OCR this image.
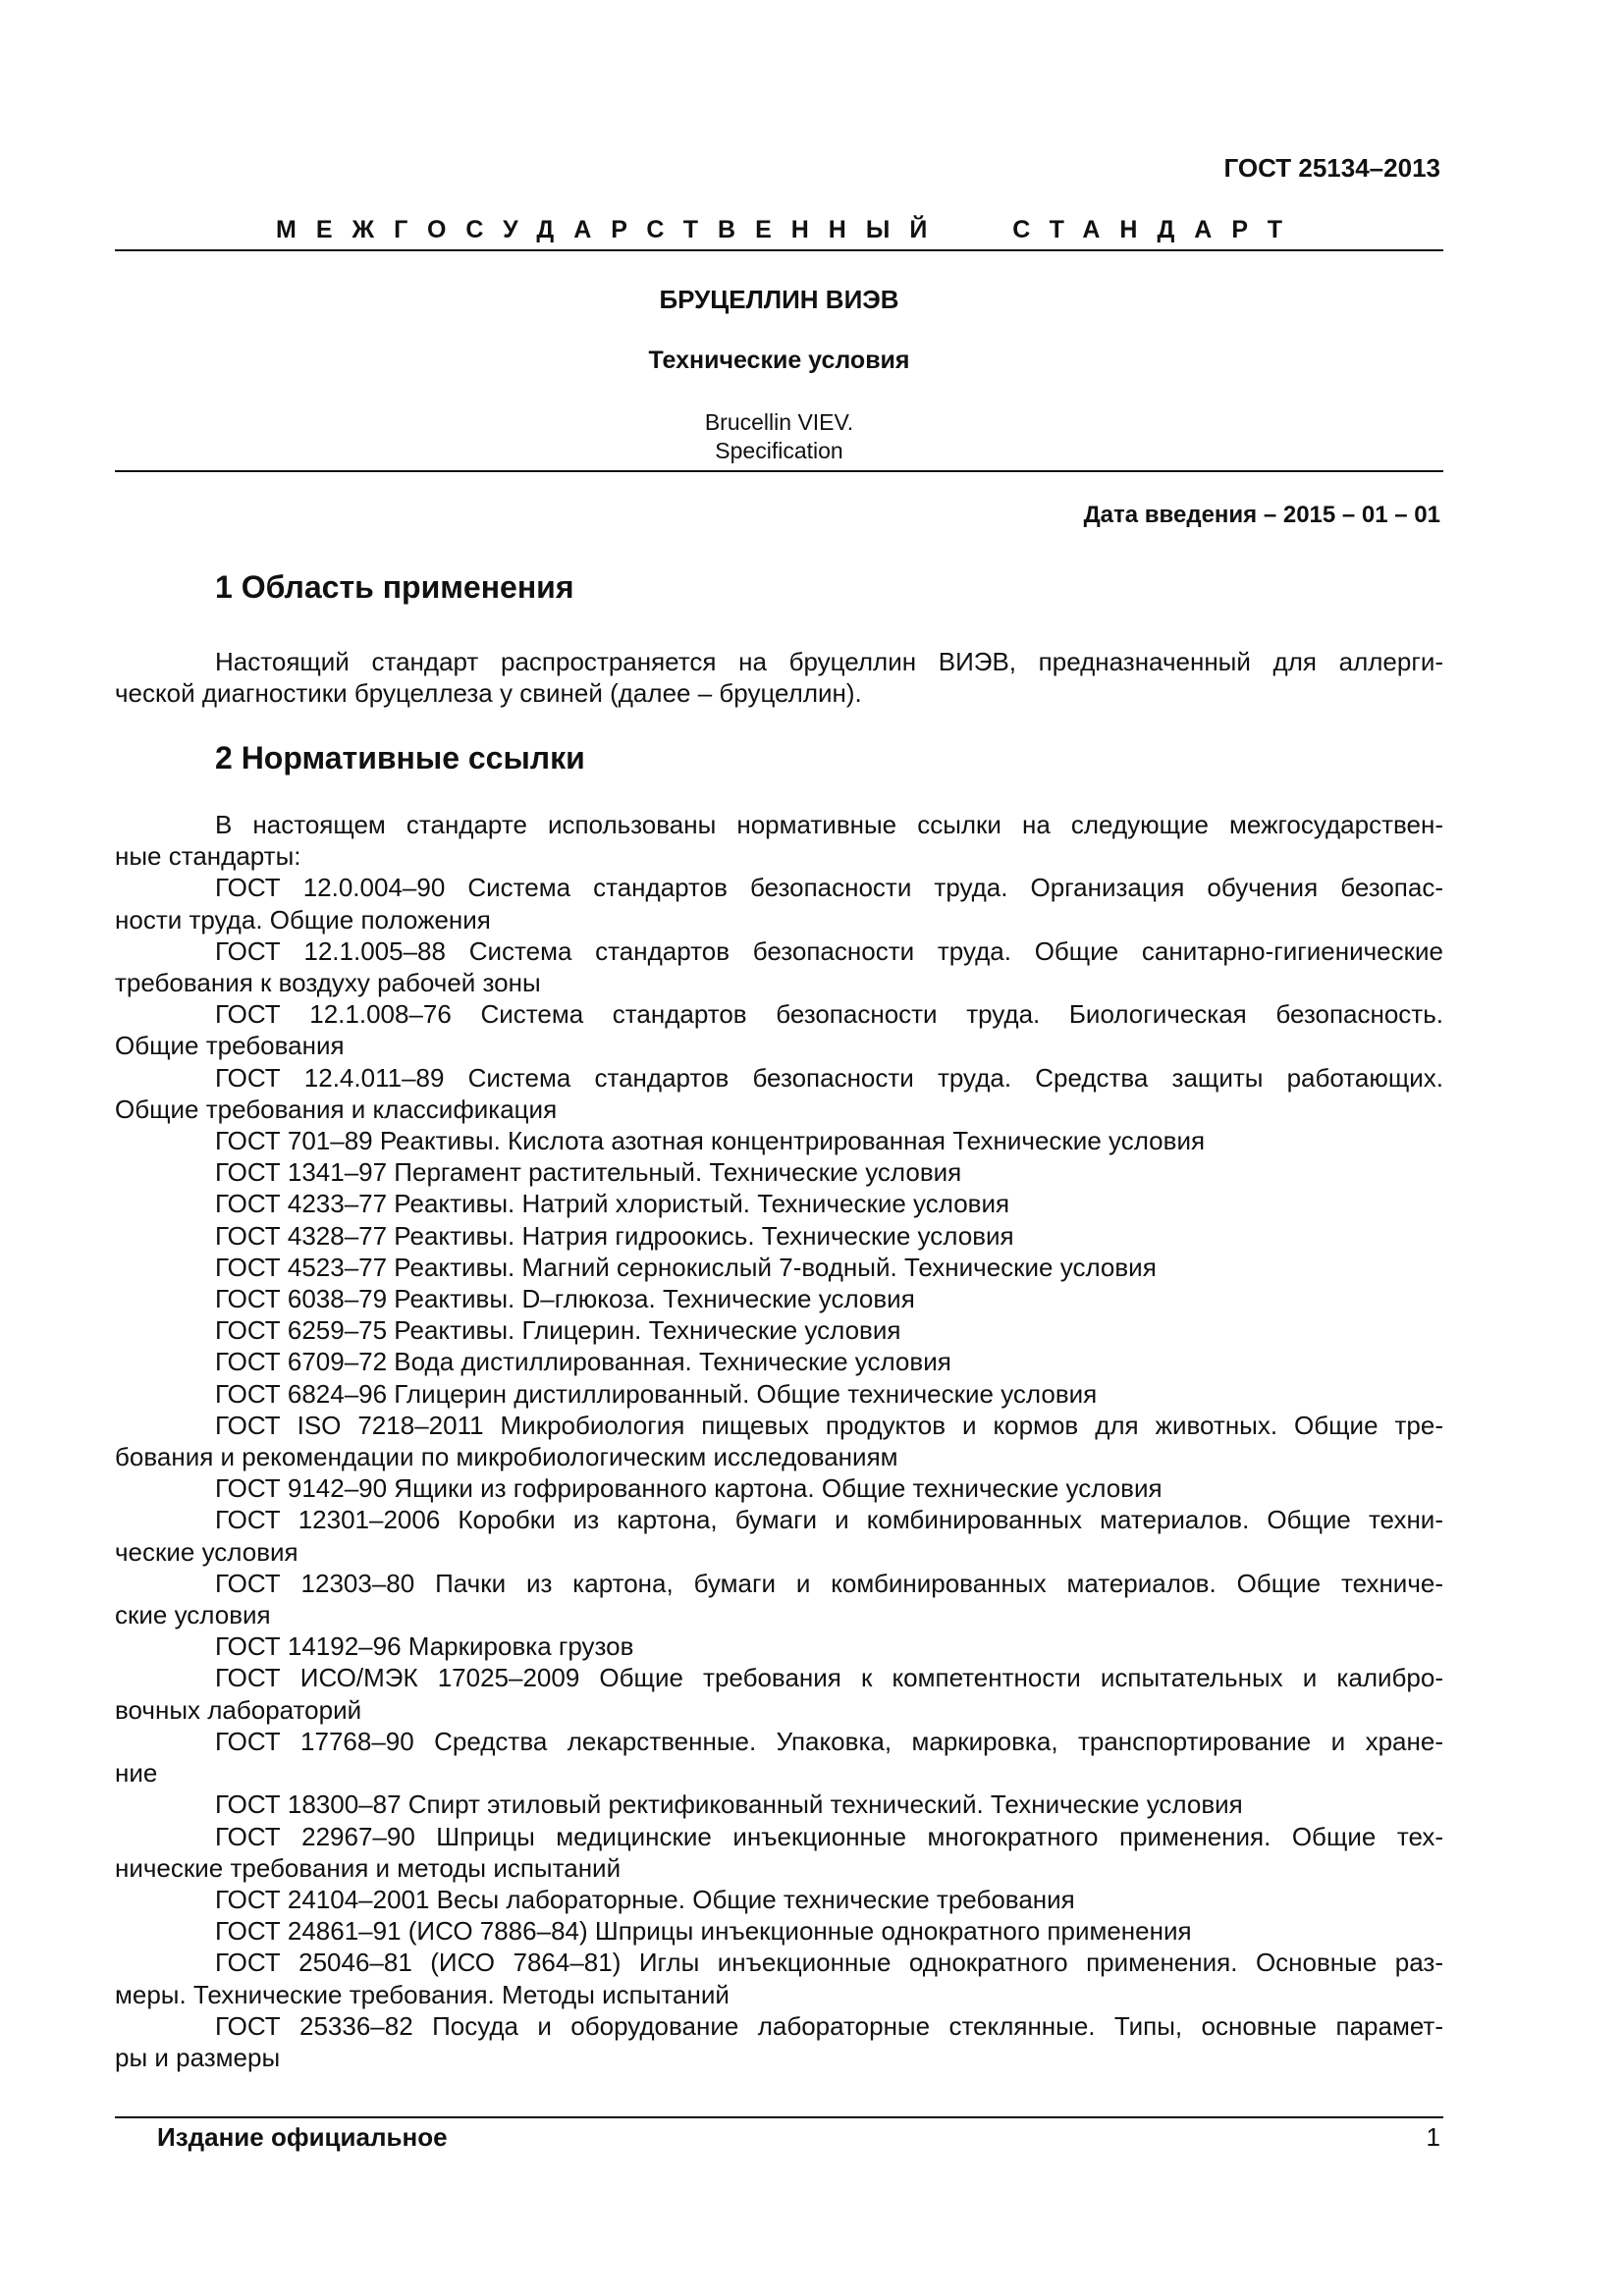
ГОСТ 25134–2013
МЕЖГОСУДАРСТВЕННЫЙ СТАНДАРТ
БРУЦЕЛЛИН ВИЭВ
Технические условия
Brucellin VIEV.
Specification
Дата введения – 2015 – 01 – 01
1 Область применения
Настоящий стандарт распространяется на бруцеллин ВИЭВ, предназначенный для аллерги-
ческой диагностики бруцеллеза у свиней (далее – бруцеллин).
2 Нормативные ссылки
В настоящем стандарте использованы нормативные ссылки на следующие межгосударствен-
ные стандарты:
ГОСТ 12.0.004–90 Система стандартов безопасности труда. Организация обучения безопас-
ности труда. Общие положения
ГОСТ 12.1.005–88 Система стандартов безопасности труда. Общие санитарно-гигиенические
требования к воздуху рабочей зоны
ГОСТ 12.1.008–76 Система стандартов безопасности труда. Биологическая безопасность.
Общие требования
ГОСТ 12.4.011–89 Система стандартов безопасности труда. Средства защиты работающих.
Общие требования и классификация
ГОСТ 701–89 Реактивы. Кислота азотная концентрированная Технические условия
ГОСТ 1341–97 Пергамент растительный. Технические условия
ГОСТ 4233–77 Реактивы. Натрий хлористый. Технические условия
ГОСТ 4328–77 Реактивы. Натрия гидроокись. Технические условия
ГОСТ 4523–77 Реактивы. Магний сернокислый 7-водный. Технические условия
ГОСТ 6038–79 Реактивы. D–глюкоза. Технические условия
ГОСТ 6259–75 Реактивы. Глицерин. Технические условия
ГОСТ 6709–72 Вода дистиллированная. Технические условия
ГОСТ 6824–96 Глицерин дистиллированный. Общие технические условия
ГОСТ ISO 7218–2011 Микробиология пищевых продуктов и кормов для животных. Общие тре-
бования и рекомендации по микробиологическим исследованиям
ГОСТ 9142–90 Ящики из гофрированного картона. Общие технические условия
ГОСТ 12301–2006 Коробки из картона, бумаги и комбинированных материалов. Общие техни-
ческие условия
ГОСТ 12303–80 Пачки из картона, бумаги и комбинированных материалов. Общие техниче-
ские условия
ГОСТ 14192–96 Маркировка грузов
ГОСТ ИСО/МЭК 17025–2009 Общие требования к компетентности испытательных и калибро-
вочных лабораторий
ГОСТ 17768–90 Средства лекарственные. Упаковка, маркировка, транспортирование и хране-
ние
ГОСТ 18300–87 Спирт этиловый ректификованный технический. Технические условия
ГОСТ 22967–90 Шприцы медицинские инъекционные многократного применения. Общие тех-
нические требования и методы испытаний
ГОСТ 24104–2001 Весы лабораторные. Общие технические требования
ГОСТ 24861–91 (ИСО 7886–84) Шприцы инъекционные однократного применения
ГОСТ 25046–81 (ИСО 7864–81) Иглы инъекционные однократного применения. Основные раз-
меры. Технические требования. Методы испытаний
ГОСТ 25336–82 Посуда и оборудование лабораторные стеклянные. Типы, основные парамет-
ры и размеры
Издание официальное	1
